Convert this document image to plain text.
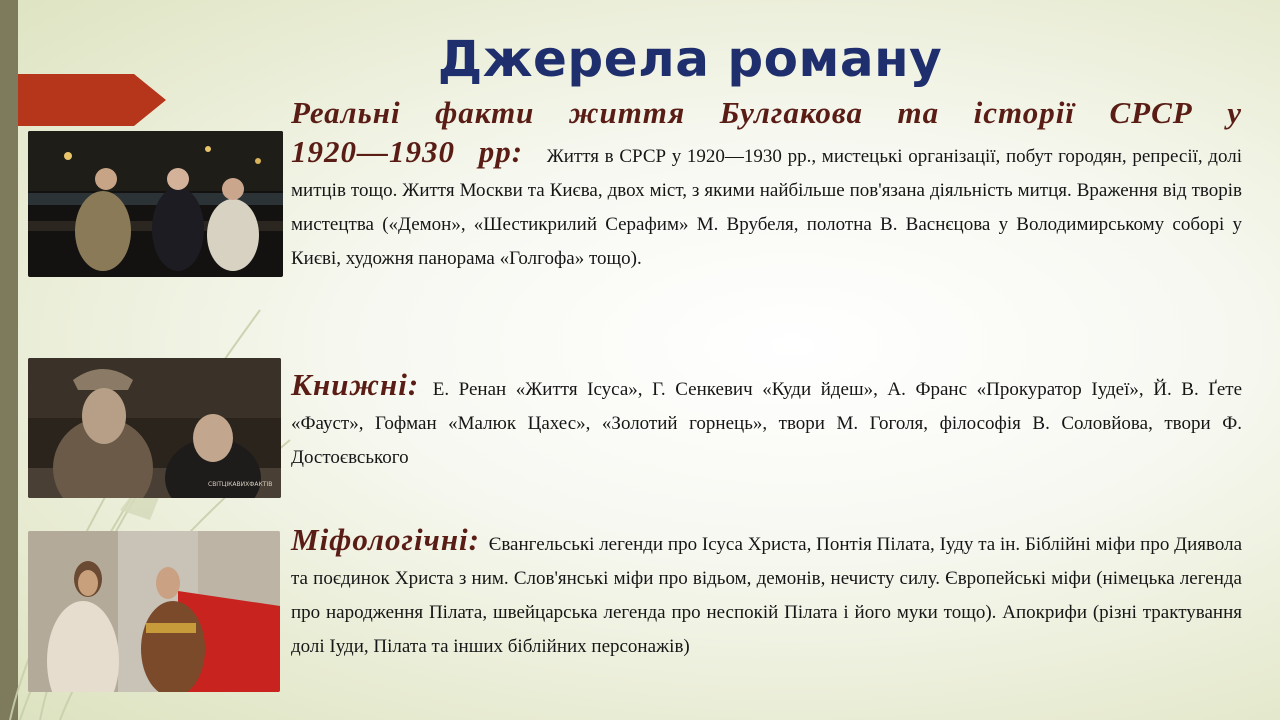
СВІТЦІКАВИХФАКТІВ
Джерела роману

Реальні факти життя Булгакова та історії СРСР у 1920—1930 рр: Життя в СРСР у 1920—1930 рр., мистецькі організації, побут городян, репресії, долі митців тощо. Життя Москви та Києва, двох міст, з якими найбільше пов'язана діяльність митця. Враження від творів мистецтва («Демон», «Шестикрилий Серафим» М. Врубеля, полотна В. Васнєцова у Володимирському соборі у Києві, художня панорама «Голгофа» тощо).

Книжні: Е. Ренан «Життя Ісуса», Г. Сенкевич «Куди йдеш», А. Франс «Прокуратор Іудеї», Й. В. Ґете «Фауст», Гофман «Малюк Цахес», «Золотий горнець», твори М. Гоголя, філософія В. Соловйова, твори Ф. Достоєвського

Міфологічні: Євангельські легенди про Ісуса Христа, Понтія Пілата, Іуду та ін. Біблійні міфи про Диявола та поєдинок Христа з ним. Слов'янські міфи про відьом, демонів, нечисту силу. Європейські міфи (німецька легенда про народження Пілата, швейцарська легенда про неспокій Пілата і його муки тощо). Апокрифи (різні трактування долі Іуди, Пілата та інших біблійних персонажів)
